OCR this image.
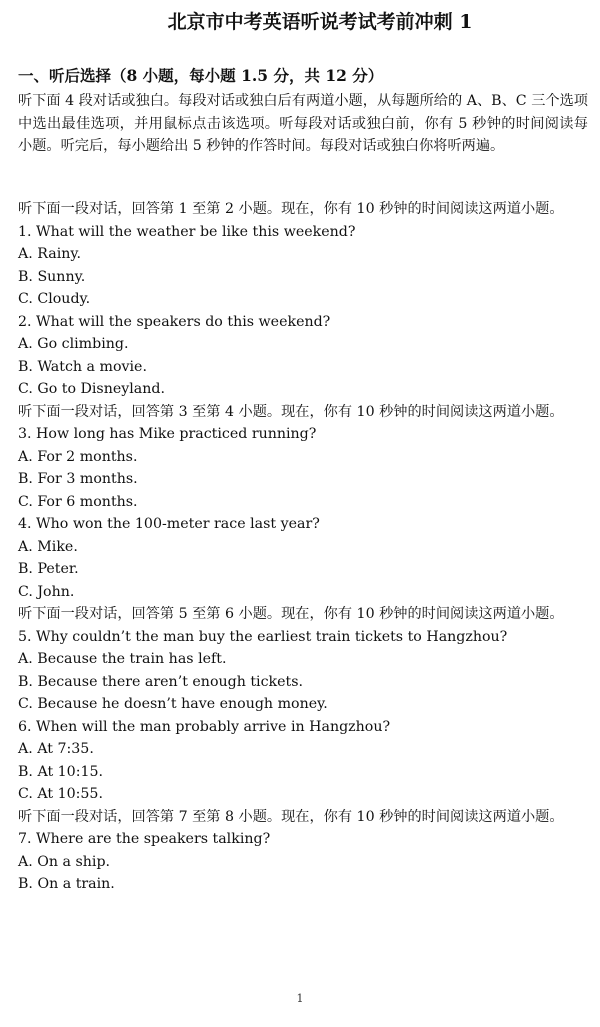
北京市中考英语听说考试考前冲刺 1
一、听后选择（8 小题，每小题 1.5 分，共 12 分）
听下面 4 段对话或独白。每段对话或独白后有两道小题，从每题所给的 A、B、C 三个选项中选出最佳选项，并用鼠标点击该选项。听每段对话或独白前，你有 5 秒钟的时间阅读每小题。听完后，每小题给出 5 秒钟的作答时间。每段对话或独白你将听两遍。
听下面一段对话，回答第 1 至第 2 小题。现在，你有 10 秒钟的时间阅读这两道小题。
1. What will the weather be like this weekend?
A. Rainy.
B. Sunny.
C. Cloudy.
2. What will the speakers do this weekend?
A. Go climbing.
B. Watch a movie.
C. Go to Disneyland.
听下面一段对话，回答第 3 至第 4 小题。现在，你有 10 秒钟的时间阅读这两道小题。
3. How long has Mike practiced running?
A. For 2 months.
B. For 3 months.
C. For 6 months.
4. Who won the 100-meter race last year?
A. Mike.
B. Peter.
C. John.
听下面一段对话，回答第 5 至第 6 小题。现在，你有 10 秒钟的时间阅读这两道小题。
5. Why couldn’t the man buy the earliest train tickets to Hangzhou?
A. Because the train has left.
B. Because there aren’t enough tickets.
C. Because he doesn’t have enough money.
6. When will the man probably arrive in Hangzhou?
A. At 7:35.
B. At 10:15.
C. At 10:55.
听下面一段对话，回答第 7 至第 8 小题。现在，你有 10 秒钟的时间阅读这两道小题。
7. Where are the speakers talking?
A. On a ship.
B. On a train.
1
